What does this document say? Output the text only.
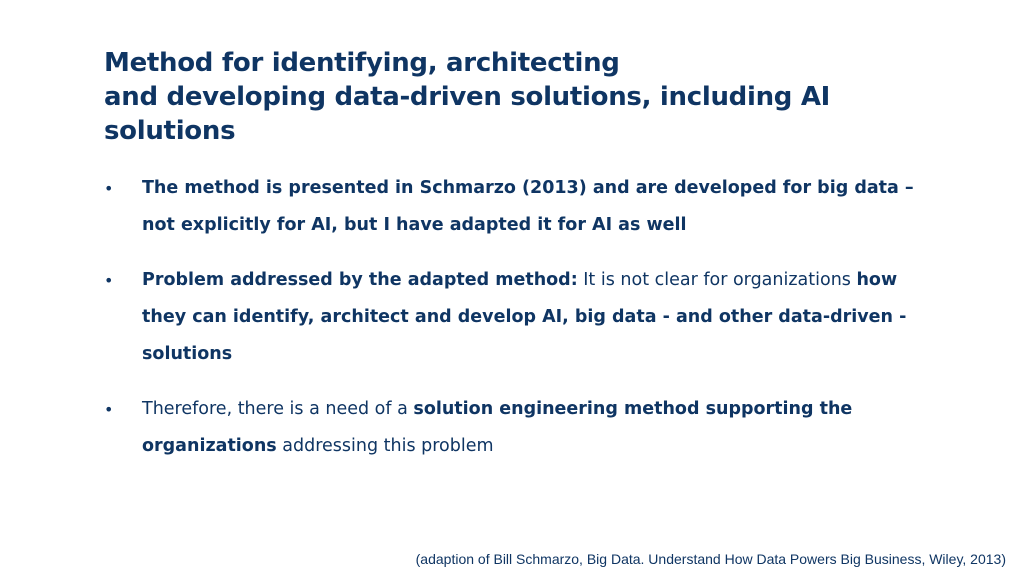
Method for identifying, architecting
and developing data-driven solutions, including AI
solutions
• The method is presented in Schmarzo (2013) and are developed for big data – not explicitly for AI, but I have adapted it for AI as well
• Problem addressed by the adapted method: It is not clear for organizations how they can identify, architect and develop AI, big data - and other data-driven - solutions
• Therefore, there is a need of a solution engineering method supporting the organizations addressing this problem
(adaption of Bill Schmarzo, Big Data. Understand How Data Powers Big Business, Wiley, 2013)
